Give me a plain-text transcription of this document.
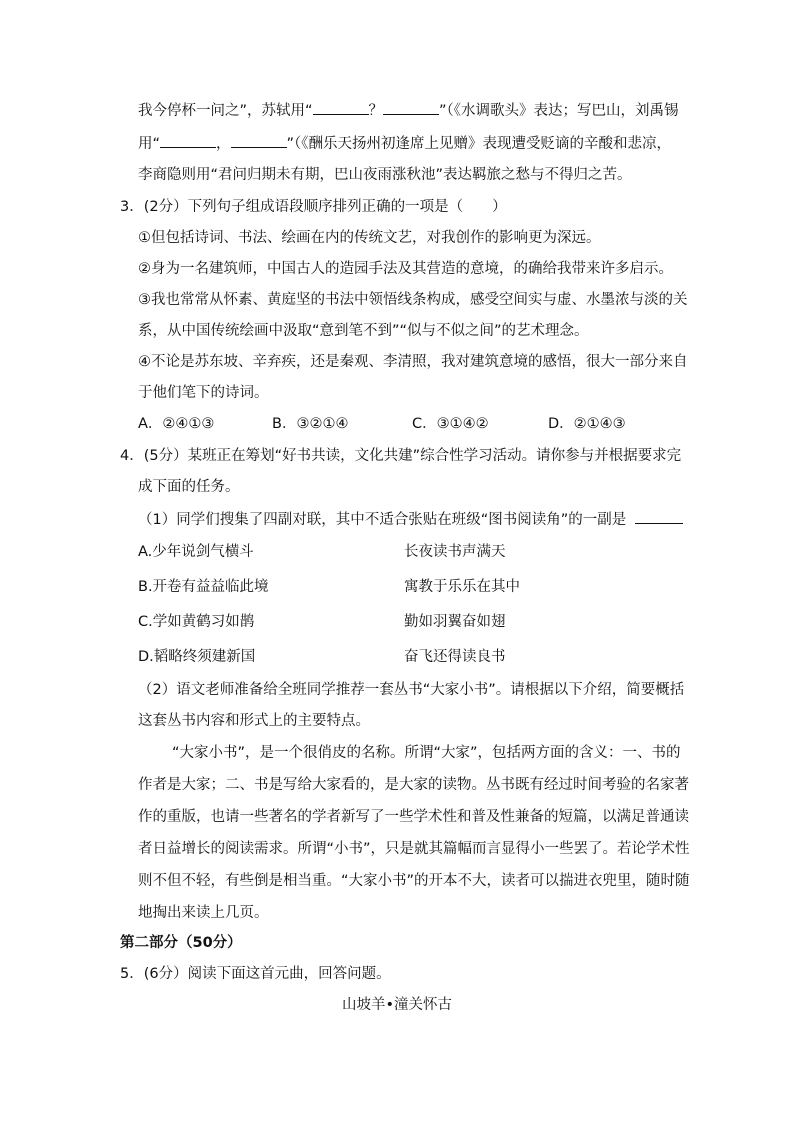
我今停杯一问之”，苏轼用“	？	”（《水调歌头》表达；写巴山，刘禹锡
用“	，	”（《酬乐天扬州初逢席上见赠》表现遭受贬谪的辛酸和悲凉，
李商隐则用“君问归期未有期，巴山夜雨涨秋池”表达羁旅之愁与不得归之苦。
3．(2分）下列句子组成语段顺序排列正确的一项是（　　）
①但包括诗词、书法、绘画在内的传统文艺，对我创作的影响更为深远。
②身为一名建筑师，中国古人的造园手法及其营造的意境，的确给我带来许多启示。
③我也常常从怀素、黄庭坚的书法中领悟线条构成，感受空间实与虚、水墨浓与淡的关
系，从中国传统绘画中汲取“意到笔不到”“似与不似之间”的艺术理念。
④不论是苏东坡、辛弃疾，还是秦观、李清照，我对建筑意境的感悟，很大一部分来自
于他们笔下的诗词。
A．②④①③	B．③②①④	C．③①④②	D．②①④③
4．(5分）某班正在筹划“好书共读，文化共建”综合性学习活动。请你参与并根据要求完
成下面的任务。
（1）同学们搜集了四副对联，其中不适合张贴在班级“图书阅读角”的一副是
A.少年说剑气横斗	长夜读书声满天
B.开卷有益益临此境	寓教于乐乐在其中
C.学如黄鹤习如鹊	勤如羽翼奋如翅
D.韬略终须建新国	奋飞还得读良书
（2）语文老师准备给全班同学推荐一套丛书“大家小书”。请根据以下介绍，简要概括
这套丛书内容和形式上的主要特点。
“大家小书”，是一个很俏皮的名称。所谓“大家”，包括两方面的含义：一、书的
作者是大家；二、书是写给大家看的，是大家的读物。丛书既有经过时间考验的名家著
作的重版，也请一些著名的学者新写了一些学术性和普及性兼备的短篇，以满足普通读
者日益增长的阅读需求。所谓“小书”，只是就其篇幅而言显得小一些罢了。若论学术性
则不但不轻，有些倒是相当重。“大家小书”的开本不大，读者可以揣进衣兜里，随时随
地掏出来读上几页。
第二部分（50分）
5．(6分）阅读下面这首元曲，回答问题。
山坡羊•潼关怀古
